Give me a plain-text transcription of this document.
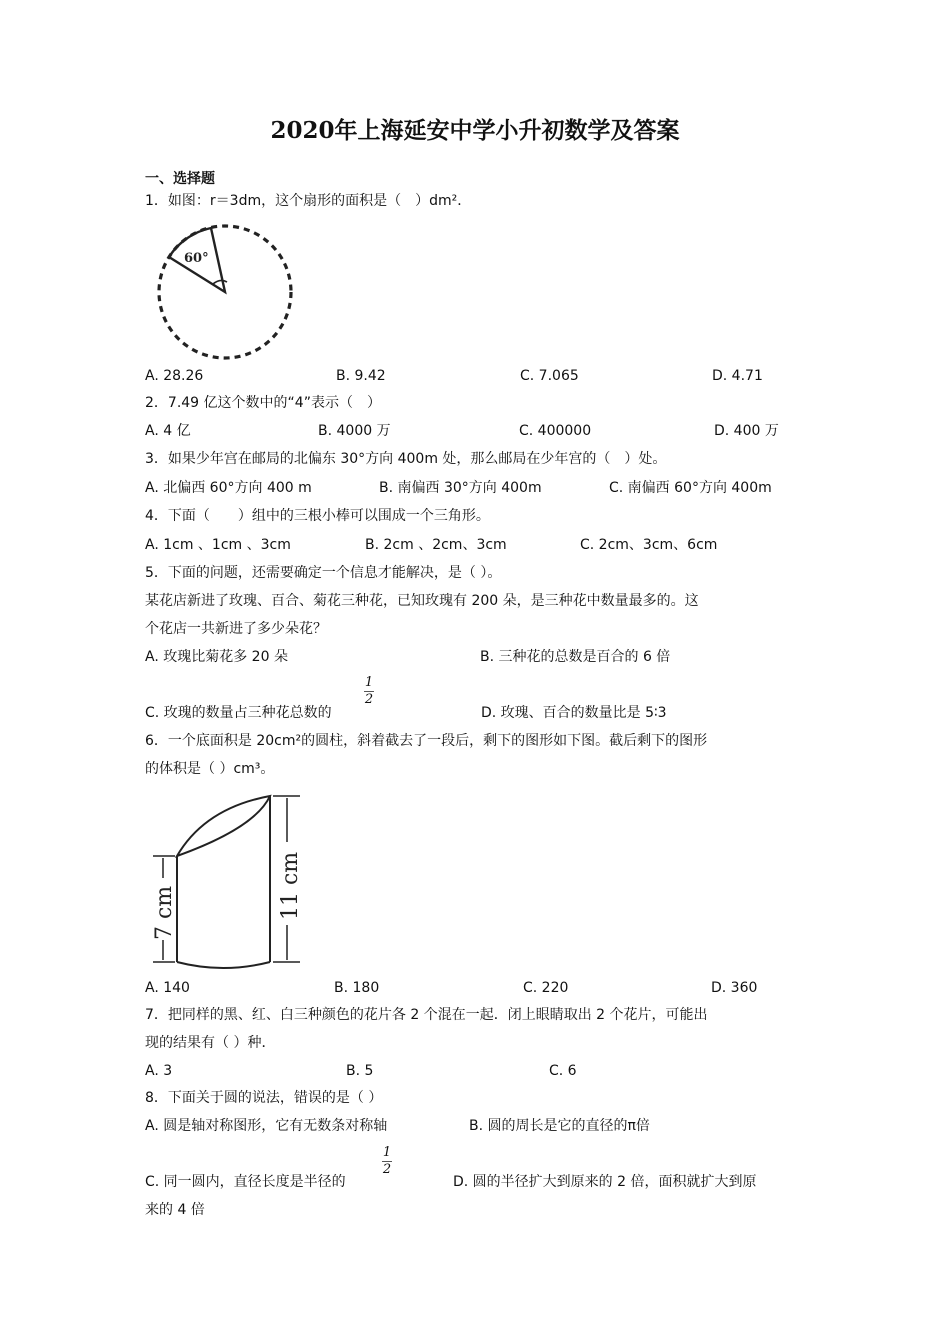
2020年上海延安中学小升初数学及答案
一、选择题
1．如图：r＝3dm，这个扇形的面积是（　）dm²．
60°
A. 28.26	B. 9.42	C. 7.065	D. 4.71
2．7.49 亿这个数中的“4”表示（　）
A. 4 亿	B. 4000 万	C. 400000	D. 400 万
3．如果少年宫在邮局的北偏东 30°方向 400m 处，那么邮局在少年宫的（　）处。
A. 北偏西 60°方向 400 m	B. 南偏西 30°方向 400m	C. 南偏西 60°方向 400m
4．下面（　　）组中的三根小棒可以围成一个三角形。
A. 1cm 、1cm 、3cm	B. 2cm 、2cm、3cm	C. 2cm、3cm、6cm
5．下面的问题，还需要确定一个信息才能解决，是（ ）。
某花店新进了玫瑰、百合、菊花三种花，已知玫瑰有 200 朵，是三种花中数量最多的。这
个花店一共新进了多少朵花？
A. 玫瑰比菊花多 20 朵	B. 三种花的总数是百合的 6 倍
C. 玫瑰的数量占三种花总数的
1
2
D. 玫瑰、百合的数量比是 5∶3
6．一个底面积是 20cm²的圆柱，斜着截去了一段后，剩下的图形如下图。截后剩下的图形
的体积是（ ）cm³。
7 cm	11 cm
A. 140	B. 180	C. 220	D. 360
7．把同样的黑、红、白三种颜色的花片各 2 个混在一起．闭上眼睛取出 2 个花片，可能出
现的结果有（ ）种．
A. 3	B. 5	C. 6
8．下面关于圆的说法，错误的是（ ）
A. 圆是轴对称图形，它有无数条对称轴	B. 圆的周长是它的直径的π倍
C. 同一圆内，直径长度是半径的
1
2
D. 圆的半径扩大到原来的 2 倍，面积就扩大到原
来的 4 倍
